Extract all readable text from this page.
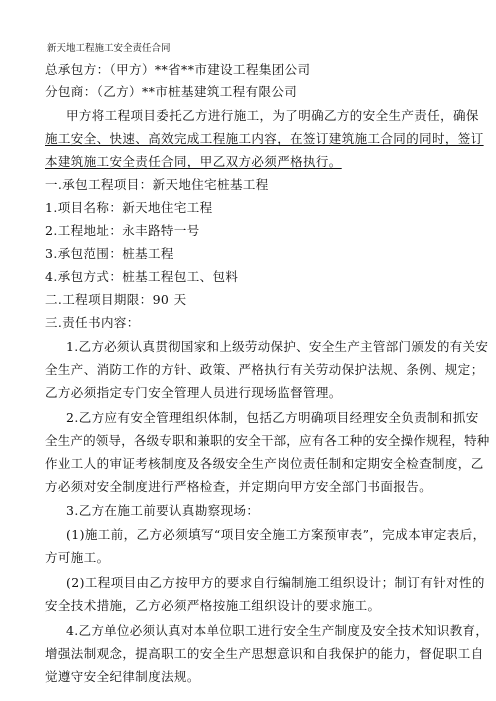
新天地工程施工安全责任合同
总承包方：（甲方）**省**市建设工程集团公司
分包商：（乙方）**市桩基建筑工程有限公司
甲方将工程项目委托乙方进行施工，为了明确乙方的安全生产责任，确保
施工安全、快速、高效完成工程施工内容，在签订建筑施工合同的同时，签订
本建筑施工安全责任合同，甲乙双方必须严格执行。
一.承包工程项目：新天地住宅桩基工程
1.项目名称：新天地住宅工程
2.工程地址：永丰路特一号
3.承包范围：桩基工程
4.承包方式：桩基工程包工、包料
二.工程项目期限：90 天
三.责任书内容：
1.乙方必须认真贯彻国家和上级劳动保护、安全生产主管部门颁发的有关安
全生产、消防工作的方针、政策、严格执行有关劳动保护法规、条例、规定；
乙方必须指定专门安全管理人员进行现场监督管理。
2.乙方应有安全管理组织体制，包括乙方明确项目经理安全负责制和抓安
全生产的领导，各级专职和兼职的安全干部，应有各工种的安全操作规程，特种
作业工人的审证考核制度及各级安全生产岗位责任制和定期安全检查制度，乙
方必须对安全制度进行严格检查，并定期向甲方安全部门书面报告。
3.乙方在施工前要认真勘察现场：
(1)施工前，乙方必须填写“项目安全施工方案预审表”，完成本审定表后，
方可施工。
(2)工程项目由乙方按甲方的要求自行编制施工组织设计；制订有针对性的
安全技术措施，乙方必须严格按施工组织设计的要求施工。
4.乙方单位必须认真对本单位职工进行安全生产制度及安全技术知识教育，
增强法制观念，提高职工的安全生产思想意识和自我保护的能力，督促职工自
觉遵守安全纪律制度法规。
